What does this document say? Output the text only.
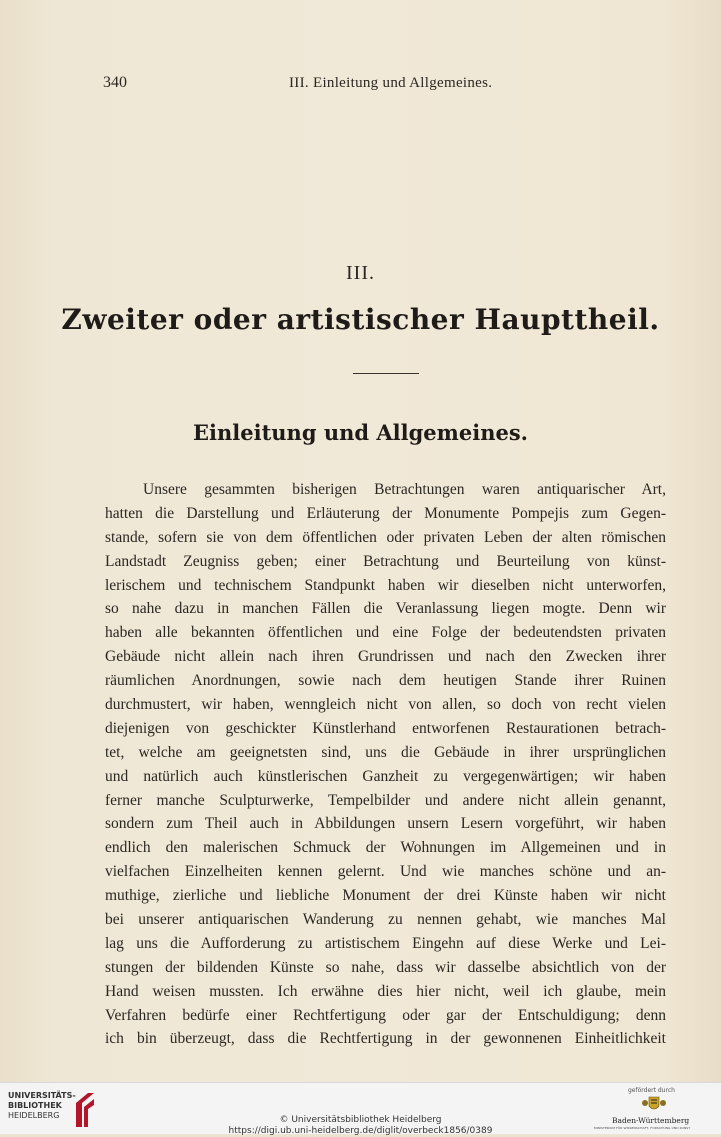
340	III. Einleitung und Allgemeines.
III.
Zweiter oder artistischer Haupttheil.
Einleitung und Allgemeines.
Unsere gesammten bisherigen Betrachtungen waren antiquarischer Art,
hatten die Darstellung und Erläuterung der Monumente Pompejis zum Gegen-
stande, sofern sie von dem öffentlichen oder privaten Leben der alten römischen
Landstadt Zeugniss geben; einer Betrachtung und Beurteilung von künst-
lerischem und technischem Standpunkt haben wir dieselben nicht unterworfen,
so nahe dazu in manchen Fällen die Veranlassung liegen mogte. Denn wir
haben alle bekannten öffentlichen und eine Folge der bedeutendsten privaten
Gebäude nicht allein nach ihren Grundrissen und nach den Zwecken ihrer
räumlichen Anordnungen, sowie nach dem heutigen Stande ihrer Ruinen
durchmustert, wir haben, wenngleich nicht von allen, so doch von recht vielen
diejenigen von geschickter Künstlerhand entworfenen Restaurationen betrach-
tet, welche am geeignetsten sind, uns die Gebäude in ihrer ursprünglichen
und natürlich auch künstlerischen Ganzheit zu vergegenwärtigen; wir haben
ferner manche Sculpturwerke, Tempelbilder und andere nicht allein genannt,
sondern zum Theil auch in Abbildungen unsern Lesern vorgeführt, wir haben
endlich den malerischen Schmuck der Wohnungen im Allgemeinen und in
vielfachen Einzelheiten kennen gelernt. Und wie manches schöne und an-
muthige, zierliche und liebliche Monument der drei Künste haben wir nicht
bei unserer antiquarischen Wanderung zu nennen gehabt, wie manches Mal
lag uns die Aufforderung zu artistischem Eingehn auf diese Werke und Lei-
stungen der bildenden Künste so nahe, dass wir dasselbe absichtlich von der
Hand weisen mussten. Ich erwähne dies hier nicht, weil ich glaube, mein
Verfahren bedürfe einer Rechtfertigung oder gar der Entschuldigung; denn
ich bin überzeugt, dass die Rechtfertigung in der gewonnenen Einheitlichkeit
UNIVERSITÄTS-
BIBLIOTHEK
HEIDELBERG	© Universitätsbibliothek Heidelberg
https://digi.ub.uni-heidelberg.de/diglit/overbeck1856/0389
gefördert durch
Baden-Württemberg
MINISTERIUM FÜR WISSENSCHAFT, FORSCHUNG UND KUNST
